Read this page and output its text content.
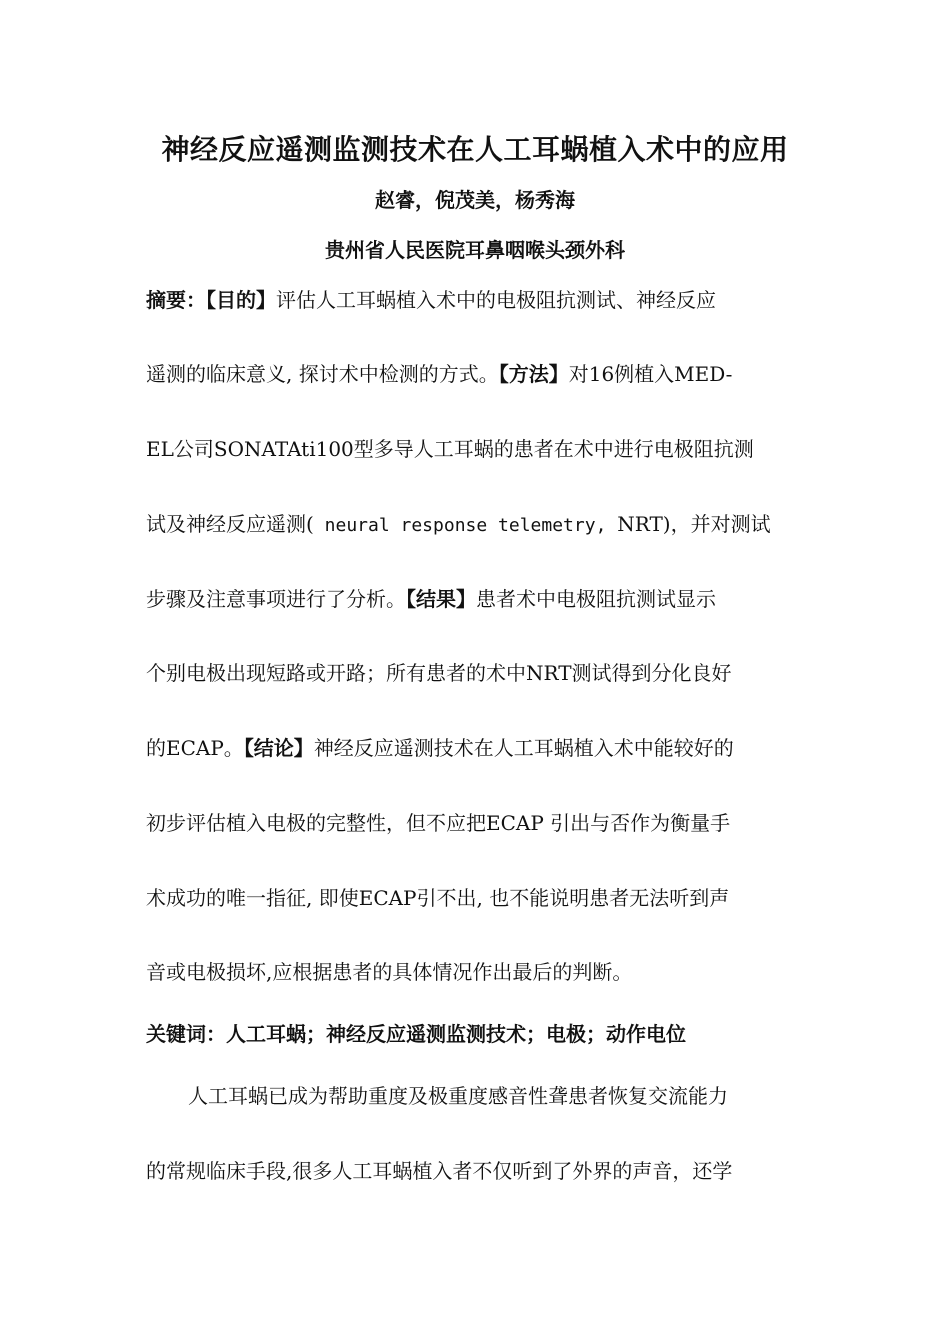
神经反应遥测监测技术在人工耳蜗植入术中的应用
赵睿，倪茂美，杨秀海
贵州省人民医院耳鼻咽喉头颈外科
摘要：【目的】评估人工耳蜗植入术中的电极阻抗测试、神经反应
遥测的临床意义, 探讨术中检测的方式。【方法】对16例植入MED-
EL公司SONATAti100型多导人工耳蜗的患者在术中进行电极阻抗测
试及神经反应遥测( neural response telemetry, NRT)，并对测试
步骤及注意事项进行了分析。【结果】患者术中电极阻抗测试显示
个别电极出现短路或开路；所有患者的术中NRT测试得到分化良好
的ECAP。【结论】神经反应遥测技术在人工耳蜗植入术中能较好的
初步评估植入电极的完整性，但不应把ECAP 引出与否作为衡量手
术成功的唯一指征, 即使ECAP引不出, 也不能说明患者无法听到声
音或电极损坏,应根据患者的具体情况作出最后的判断。
关键词：人工耳蜗；神经反应遥测监测技术；电极；动作电位
人工耳蜗已成为帮助重度及极重度感音性聋患者恢复交流能力
的常规临床手段,很多人工耳蜗植入者不仅听到了外界的声音，还学
